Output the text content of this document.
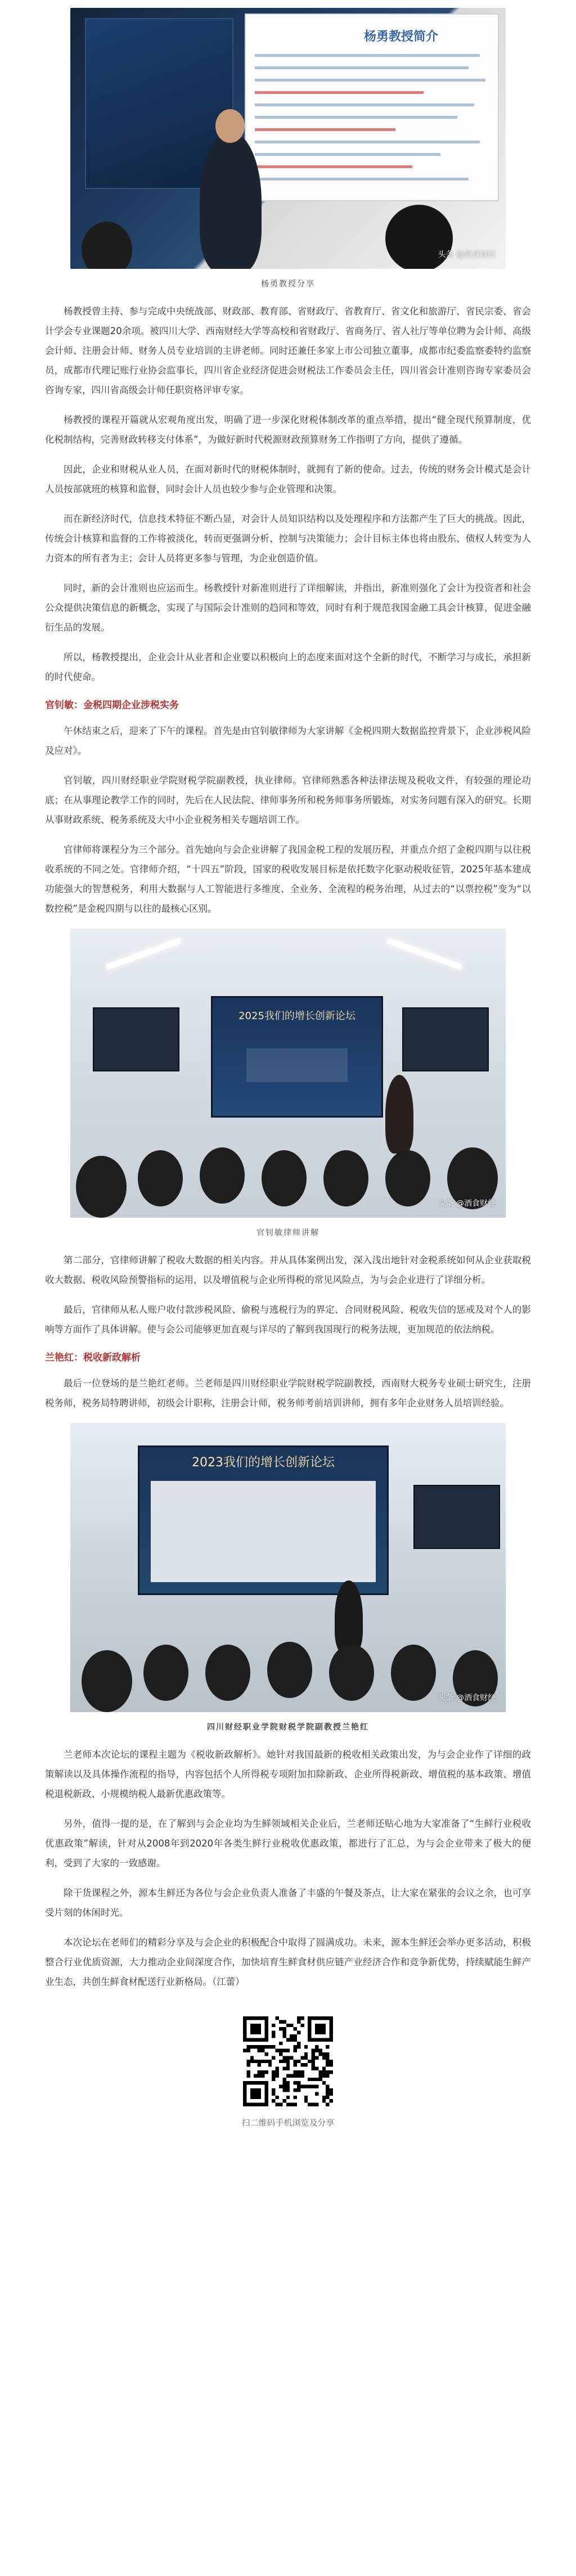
杨勇教授简介
头条 @酒食财经
杨勇教授分享

杨教授曾主持、参与完成中央统战部、财政部、教育部、省财政厅、省教育厅、省文化和旅游厅、省民宗委、省会计学会专业课题20余项。被四川大学、西南财经大学等高校和省财政厅、省商务厅、省人社厅等单位聘为会计师、高级会计师、注册会计师、财务人员专业培训的主讲老师。同时还兼任多家上市公司独立董事，成都市纪委监察委特约监察员，成都市代理记账行业协会监事长，四川省企业经济促进会财税法工作委员会主任，四川省会计准则咨询专家委员会咨询专家，四川省高级会计师任职资格评审专家。

杨教授的课程开篇就从宏观角度出发，明确了进一步深化财税体制改革的重点举措，提出“健全现代预算制度，优化税制结构，完善财政转移支付体系”，为做好新时代税源财政预算财务工作指明了方向，提供了遵循。

因此，企业和财税从业人员，在面对新时代的财税体制时，就拥有了新的使命。过去，传统的财务会计模式是会计人员按部就班的核算和监督，同时会计人员也较少参与企业管理和决策。

而在新经济时代，信息技术特征不断凸显，对会计人员知识结构以及处理程序和方法都产生了巨大的挑战。因此，传统会计核算和监督的工作将被淡化，转而更强调分析、控制与决策能力；会计目标主体也将由股东、债权人转变为人力资本的所有者为主；会计人员将更多参与管理，为企业创造价值。

同时，新的会计准则也应运而生。杨教授针对新准则进行了详细解读，并指出，新准则强化了会计为投资者和社会公众提供决策信息的新概念，实现了与国际会计准则的趋同和等效，同时有利于规范我国金融工具会计核算，促进金融衍生品的发展。

所以，杨教授提出，企业会计从业者和企业要以积极向上的态度来面对这个全新的时代，不断学习与成长，承担新的时代使命。

官钊敏：金税四期企业涉税实务

午休结束之后，迎来了下午的课程。首先是由官钊敏律师为大家讲解《金税四期大数据监控背景下，企业涉税风险及应对》。

官钊敏，四川财经职业学院财税学院副教授，执业律师。官律师熟悉各种法律法规及税收文件，有较强的理论功底；在从事理论教学工作的同时，先后在人民法院、律师事务所和税务师事务所锻炼，对实务问题有深入的研究。长期从事财政系统、税务系统及大中小企业税务相关专题培训工作。

官律师将课程分为三个部分。首先她向与会企业讲解了我国金税工程的发展历程，并重点介绍了金税四期与以往税收系统的不同之处。官律师介绍，“十四五”阶段，国家的税收发展目标是依托数字化驱动税收征管，2025年基本建成功能强大的智慧税务，利用大数据与人工智能进行多维度、全业务、全流程的税务治理，从过去的“以票控税”变为“以数控税”是金税四期与以往的最核心区别。

2025我们的增长创新论坛
头条 @酒食财经
官钊敏律师讲解

第二部分，官律师讲解了税收大数据的相关内容。并从具体案例出发，深入浅出地针对金税系统如何从企业获取税收大数据、税收风险预警指标的运用，以及增值税与企业所得税的常见风险点，为与会企业进行了详细分析。

最后，官律师从私人账户收付款涉税风险、偷税与逃税行为的界定、合同财税风险、税收失信的惩戒及对个人的影响等方面作了具体讲解。使与会公司能够更加直观与详尽的了解到我国现行的税务法规，更加规范的依法纳税。

兰艳红：税收新政解析

最后一位登场的是兰艳红老师。兰老师是四川财经职业学院财税学院副教授，西南财大税务专业硕士研究生，注册税务师，税务局特聘讲师，初级会计职称，注册会计师，税务师考前培训讲师，拥有多年企业财务人员培训经验。

2023我们的增长创新论坛
头条 @酒食财经
四川财经职业学院财税学院副教授兰艳红

兰老师本次论坛的课程主题为《税收新政解析》。她针对我国最新的税收相关政策出发，为与会企业作了详细的政策解读以及具体操作流程的指导，内容包括个人所得税专项附加扣除新政、企业所得税新政、增值税的基本政策、增值税退税新政、小规模纳税人最新优惠政策等。

另外，值得一提的是，在了解到与会企业均为生鲜领域相关企业后，兰老师还贴心地为大家准备了“生鲜行业税收优惠政策”解读，针对从2008年到2020年各类生鲜行业税收优惠政策，都进行了汇总，为与会企业带来了极大的便利，受到了大家的一致感谢。

除干货课程之外，源本生鲜还为各位与会企业负责人准备了丰盛的午餐及茶点，让大家在紧张的会议之余，也可享受片刻的休闲时光。

本次论坛在老师们的精彩分享及与会企业的积极配合中取得了圆满成功。未来，源本生鲜还会举办更多活动，积极整合行业优质资源，大力推动企业间深度合作，加快培育生鲜食材供应链产业经济合作和竞争新优势，持续赋能生鲜产业生态，共创生鲜食材配送行业新格局。（江蕾）

扫二维码手机浏览及分享
